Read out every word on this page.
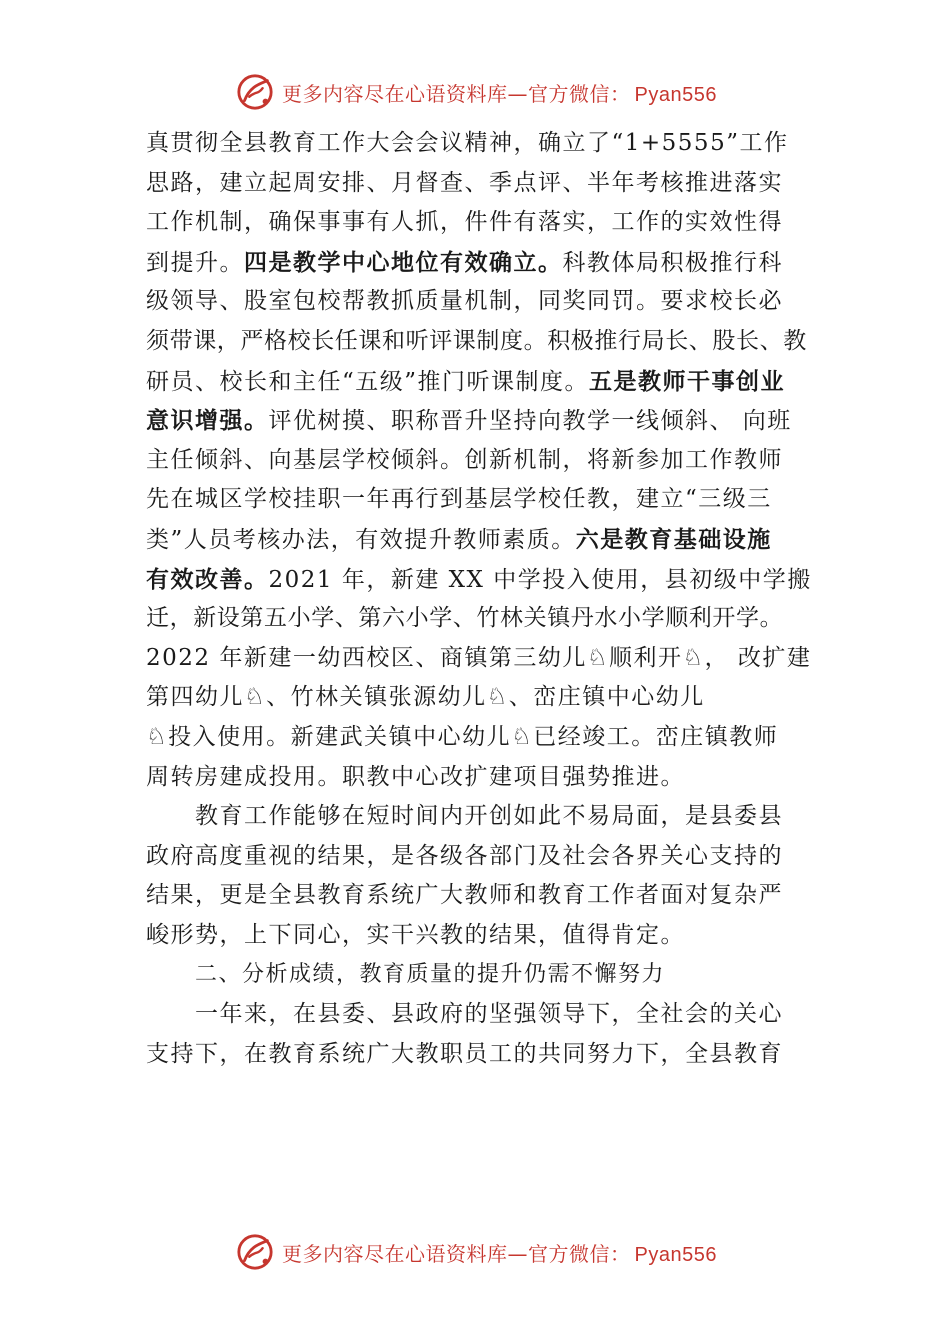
更多内容尽在心语资料库—官方微信： Pyan556
真贯彻全县教育工作大会会议精神，确立了“1+5555”工作
思路，建立起周安排、月督查、季点评、半年考核推进落实
工作机制，确保事事有人抓，件件有落实，工作的实效性得
到提升。四是教学中心地位有效确立。科教体局积极推行科
级领导、股室包校帮教抓质量机制，同奖同罚。要求校长必
须带课，严格校长任课和听评课制度。积极推行局长、股长、教
研员、校长和主任“五级”推门听课制度。五是教师干事创业
意识增强。评优树摸、职称晋升坚持向教学一线倾斜、 向班
主任倾斜、向基层学校倾斜。创新机制，将新参加工作教师
先在城区学校挂职一年再行到基层学校任教，建立“三级三
类”人员考核办法，有效提升教师素质。六是教育基础设施
有效改善。2021 年，新建 XX 中学投入使用，县初级中学搬
迁，新设第五小学、第六小学、竹林关镇丹水小学顺利开学。
2022 年新建一幼西校区、商镇第三幼儿♘顺利开♘， 改扩建
第四幼儿♘、竹林关镇张源幼儿♘、峦庄镇中心幼儿
♘投入使用。新建武关镇中心幼儿♘已经竣工。峦庄镇教师
周转房建成投用。职教中心改扩建项目强势推进。
教育工作能够在短时间内开创如此不易局面，是县委县
政府高度重视的结果，是各级各部门及社会各界关心支持的
结果，更是全县教育系统广大教师和教育工作者面对复杂严
峻形势，上下同心，实干兴教的结果，值得肯定。
二、分析成绩，教育质量的提升仍需不懈努力
一年来，在县委、县政府的坚强领导下，全社会的关心
支持下，在教育系统广大教职员工的共同努力下，全县教育
更多内容尽在心语资料库—官方微信： Pyan556
